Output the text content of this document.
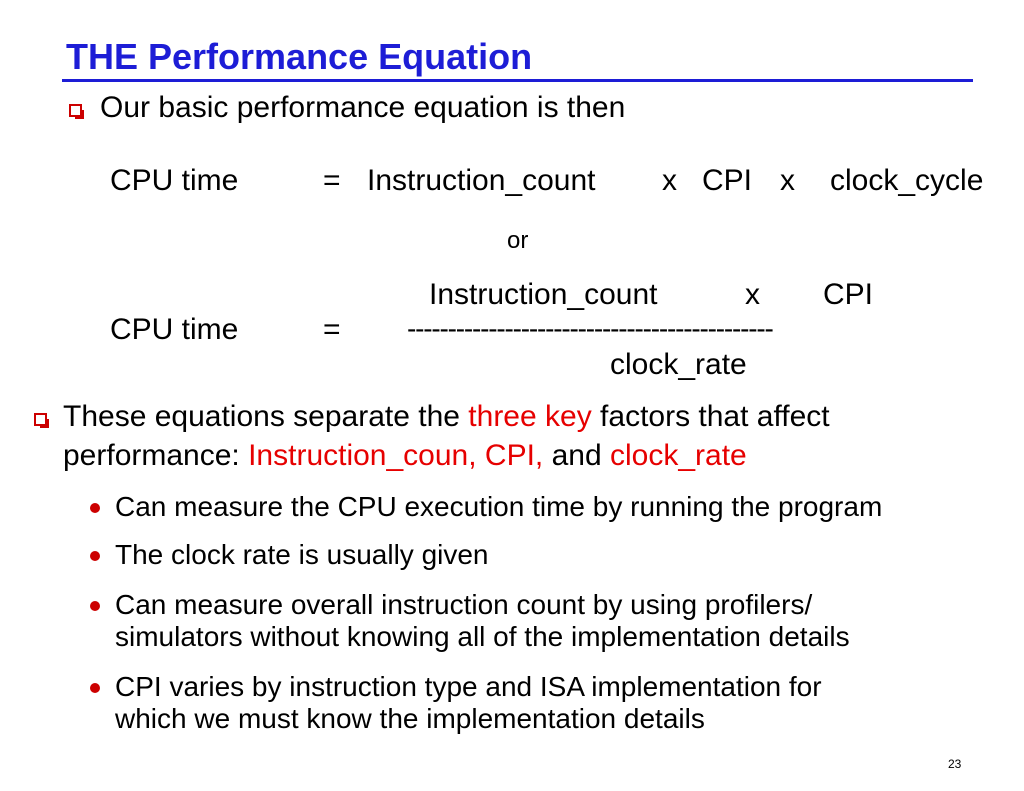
THE Performance Equation
Our basic performance equation is then
CPU time	= Instruction_count x CPI x clock_cycle
or
Instruction_count	x CPI
CPU time	= ---------------------------------------------
clock_rate
These equations separate the three key factors that affect
performance: Instruction_coun, CPI, and clock_rate
Can measure the CPU execution time by running the program
The clock rate is usually given
Can measure overall instruction count by using profilers/
simulators without knowing all of the implementation details
CPI varies by instruction type and ISA implementation for
which we must know the implementation details
23
